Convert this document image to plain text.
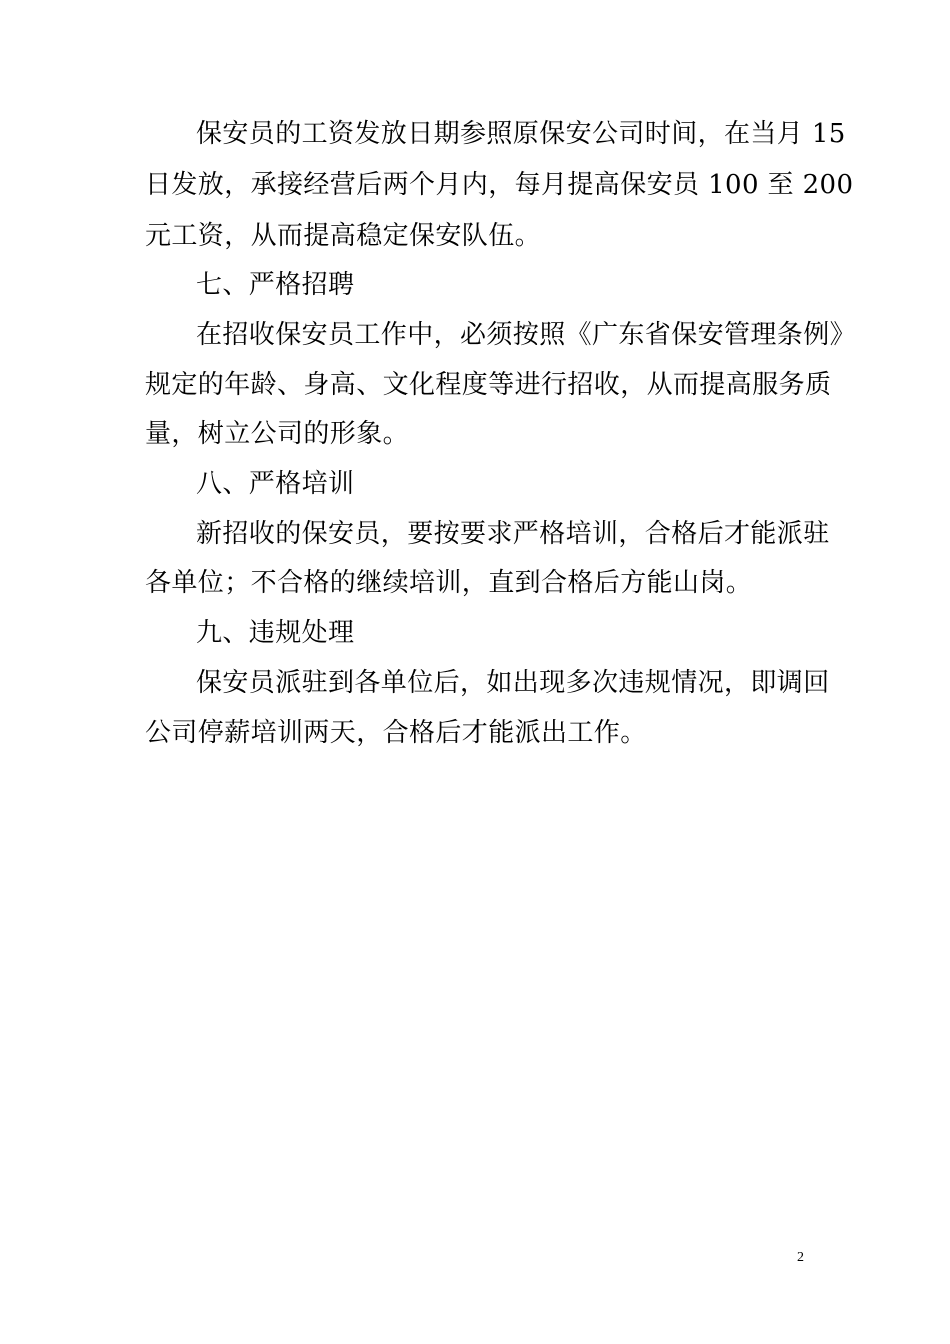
保安员的工资发放日期参照原保安公司时间，在当月 15
日发放，承接经营后两个月内，每月提高保安员 100 至 200
元工资，从而提高稳定保安队伍。
七、严格招聘
在招收保安员工作中，必须按照《广东省保安管理条例》
规定的年龄、身高、文化程度等进行招收，从而提高服务质
量，树立公司的形象。
八、严格培训
新招收的保安员，要按要求严格培训，合格后才能派驻
各单位；不合格的继续培训，直到合格后方能山岗。
九、违规处理
保安员派驻到各单位后，如出现多次违规情况，即调回
公司停薪培训两天，合格后才能派出工作。
2
